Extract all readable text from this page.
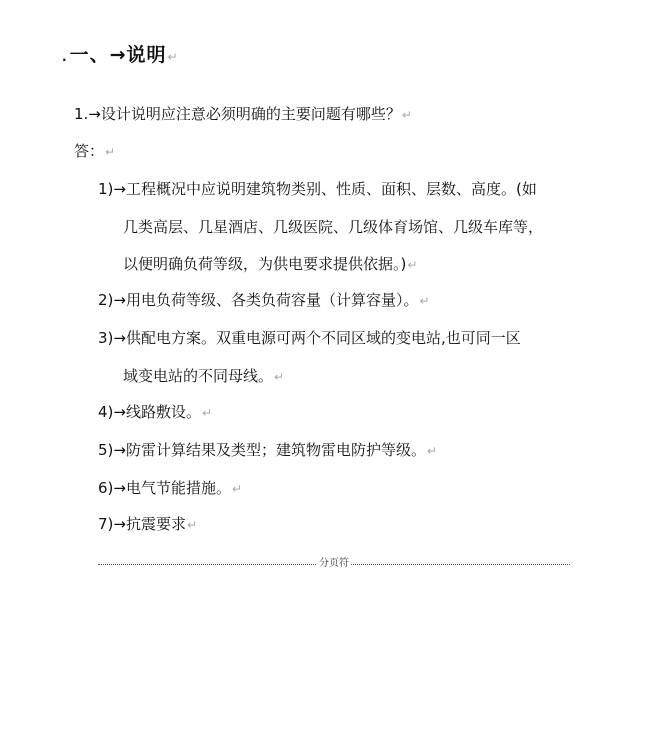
. 一、→说明↵
1.→设计说明应注意必须明确的主要问题有哪些？↵
答：↵
1)→工程概况中应说明建筑物类别、性质、面积、层数、高度。(如
几类高层、几星酒店、几级医院、几级体育场馆、几级车库等，
以便明确负荷等级，为供电要求提供依据。)↵
2)→用电负荷等级、各类负荷容量（计算容量）。↵
3)→供配电方案。双重电源可两个不同区域的变电站,也可同一区
域变电站的不同母线。↵
4)→线路敷设。↵
5)→防雷计算结果及类型；建筑物雷电防护等级。↵
6)→电气节能措施。↵
7)→抗震要求↵
分页符
